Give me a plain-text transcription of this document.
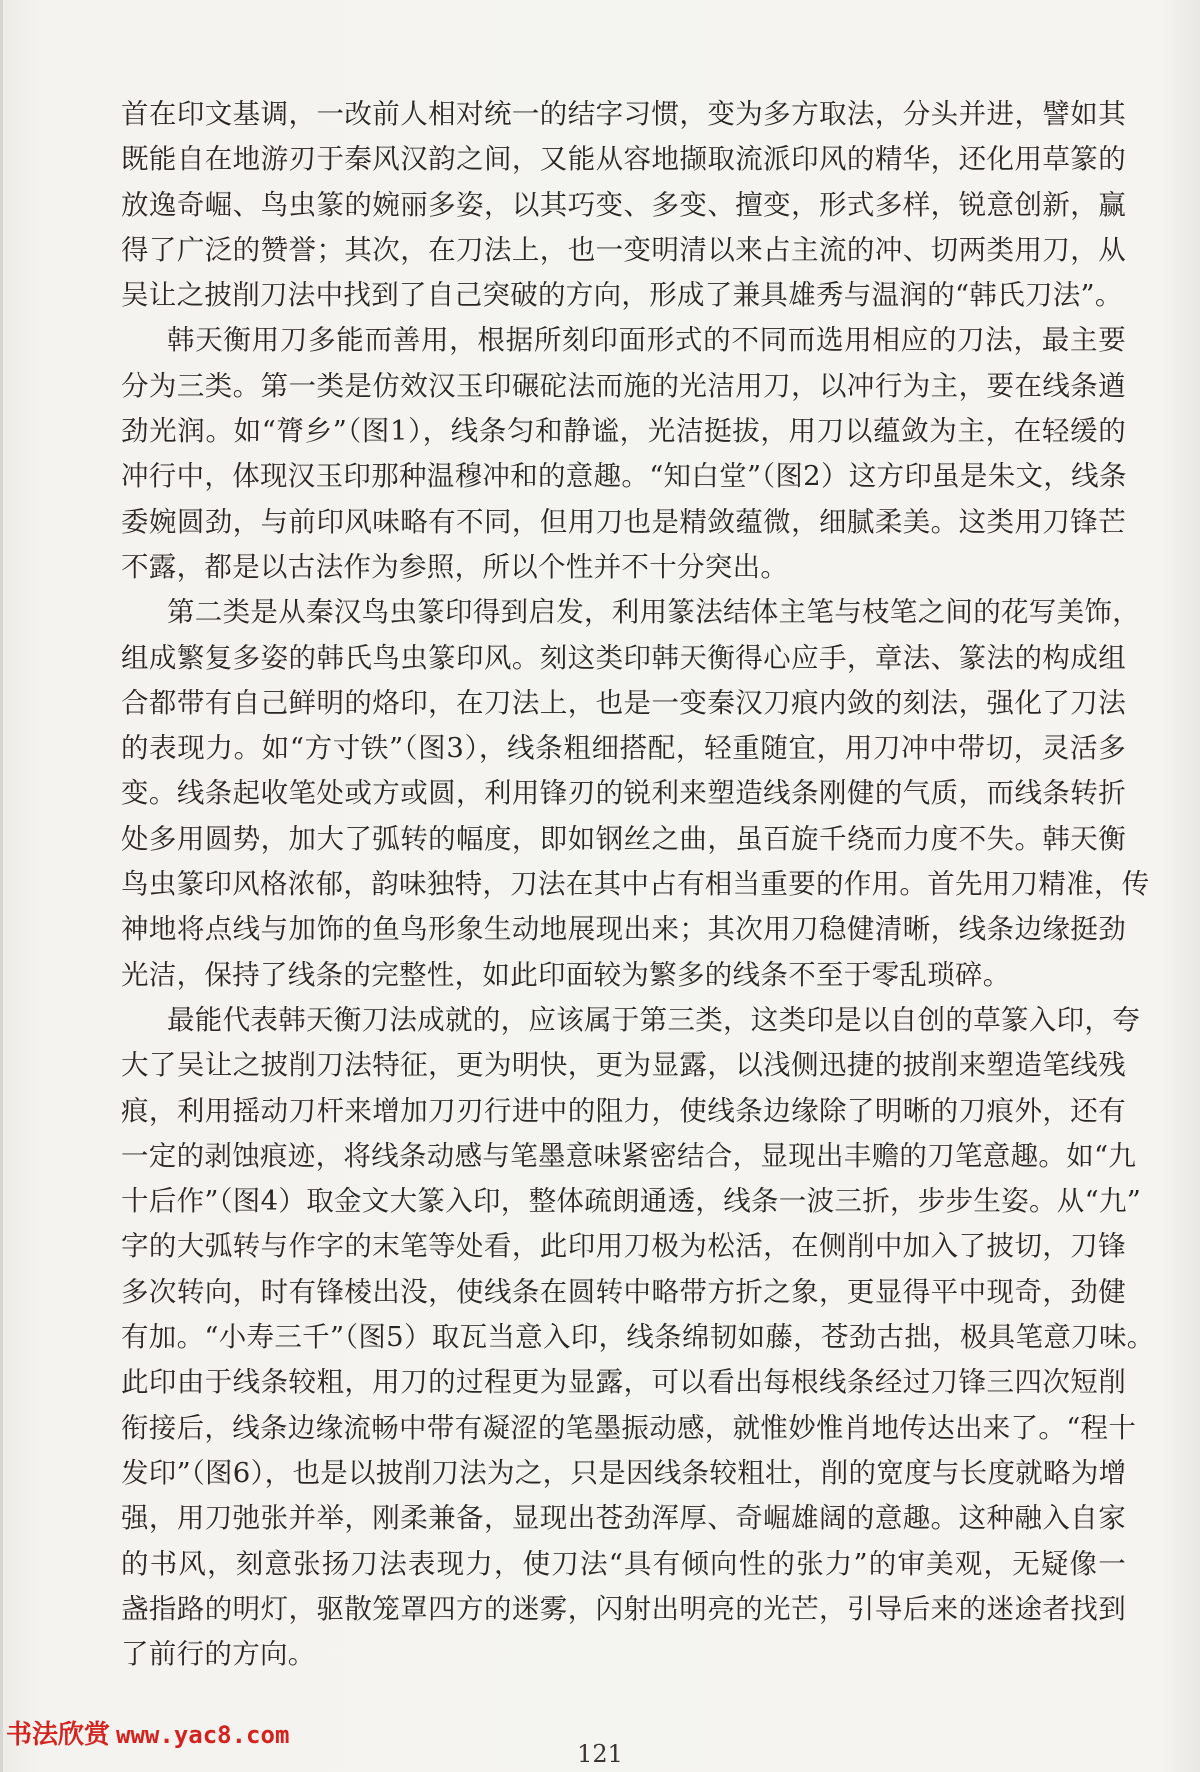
首在印文基调，一改前人相对统一的结字习惯，变为多方取法，分头并进，譬如其
既能自在地游刃于秦风汉韵之间，又能从容地撷取流派印风的精华，还化用草篆的
放逸奇崛、鸟虫篆的婉丽多姿，以其巧变、多变、擅变，形式多样，锐意创新，赢
得了广泛的赞誉；其次，在刀法上，也一变明清以来占主流的冲、切两类用刀，从
吴让之披削刀法中找到了自己突破的方向，形成了兼具雄秀与温润的“韩氏刀法”。
韩天衡用刀多能而善用，根据所刻印面形式的不同而选用相应的刀法，最主要
分为三类。第一类是仿效汉玉印碾砣法而施的光洁用刀，以冲行为主，要在线条遒
劲光润。如“膂乡”（图1），线条匀和静谧，光洁挺拔，用刀以蕴敛为主，在轻缓的
冲行中，体现汉玉印那种温穆冲和的意趣。“知白堂”（图2）这方印虽是朱文，线条
委婉圆劲，与前印风味略有不同，但用刀也是精敛蕴微，细腻柔美。这类用刀锋芒
不露，都是以古法作为参照，所以个性并不十分突出。
第二类是从秦汉鸟虫篆印得到启发，利用篆法结体主笔与枝笔之间的花写美饰，
组成繁复多姿的韩氏鸟虫篆印风。刻这类印韩天衡得心应手，章法、篆法的构成组
合都带有自己鲜明的烙印，在刀法上，也是一变秦汉刀痕内敛的刻法，强化了刀法
的表现力。如“方寸铁”（图3），线条粗细搭配，轻重随宜，用刀冲中带切，灵活多
变。线条起收笔处或方或圆，利用锋刃的锐利来塑造线条刚健的气质，而线条转折
处多用圆势，加大了弧转的幅度，即如钢丝之曲，虽百旋千绕而力度不失。韩天衡
鸟虫篆印风格浓郁，韵味独特，刀法在其中占有相当重要的作用。首先用刀精准，传
神地将点线与加饰的鱼鸟形象生动地展现出来；其次用刀稳健清晰，线条边缘挺劲
光洁，保持了线条的完整性，如此印面较为繁多的线条不至于零乱琐碎。
最能代表韩天衡刀法成就的，应该属于第三类，这类印是以自创的草篆入印，夸
大了吴让之披削刀法特征，更为明快，更为显露，以浅侧迅捷的披削来塑造笔线残
痕，利用摇动刀杆来增加刀刃行进中的阻力，使线条边缘除了明晰的刀痕外，还有
一定的剥蚀痕迹，将线条动感与笔墨意味紧密结合，显现出丰赡的刀笔意趣。如“九
十后作”（图4）取金文大篆入印，整体疏朗通透，线条一波三折，步步生姿。从“九”
字的大弧转与作字的末笔等处看，此印用刀极为松活，在侧削中加入了披切，刀锋
多次转向，时有锋棱出没，使线条在圆转中略带方折之象，更显得平中现奇，劲健
有加。“小寿三千”（图5）取瓦当意入印，线条绵韧如藤，苍劲古拙，极具笔意刀味。
此印由于线条较粗，用刀的过程更为显露，可以看出每根线条经过刀锋三四次短削
衔接后，线条边缘流畅中带有凝涩的笔墨振动感，就惟妙惟肖地传达出来了。“程十
发印”（图6），也是以披削刀法为之，只是因线条较粗壮，削的宽度与长度就略为增
强，用刀弛张并举，刚柔兼备，显现出苍劲浑厚、奇崛雄阔的意趣。这种融入自家
的书风，刻意张扬刀法表现力，使刀法“具有倾向性的张力”的审美观，无疑像一
盏指路的明灯，驱散笼罩四方的迷雾，闪射出明亮的光芒，引导后来的迷途者找到
了前行的方向。
书法欣赏 www.yac8.com
121
